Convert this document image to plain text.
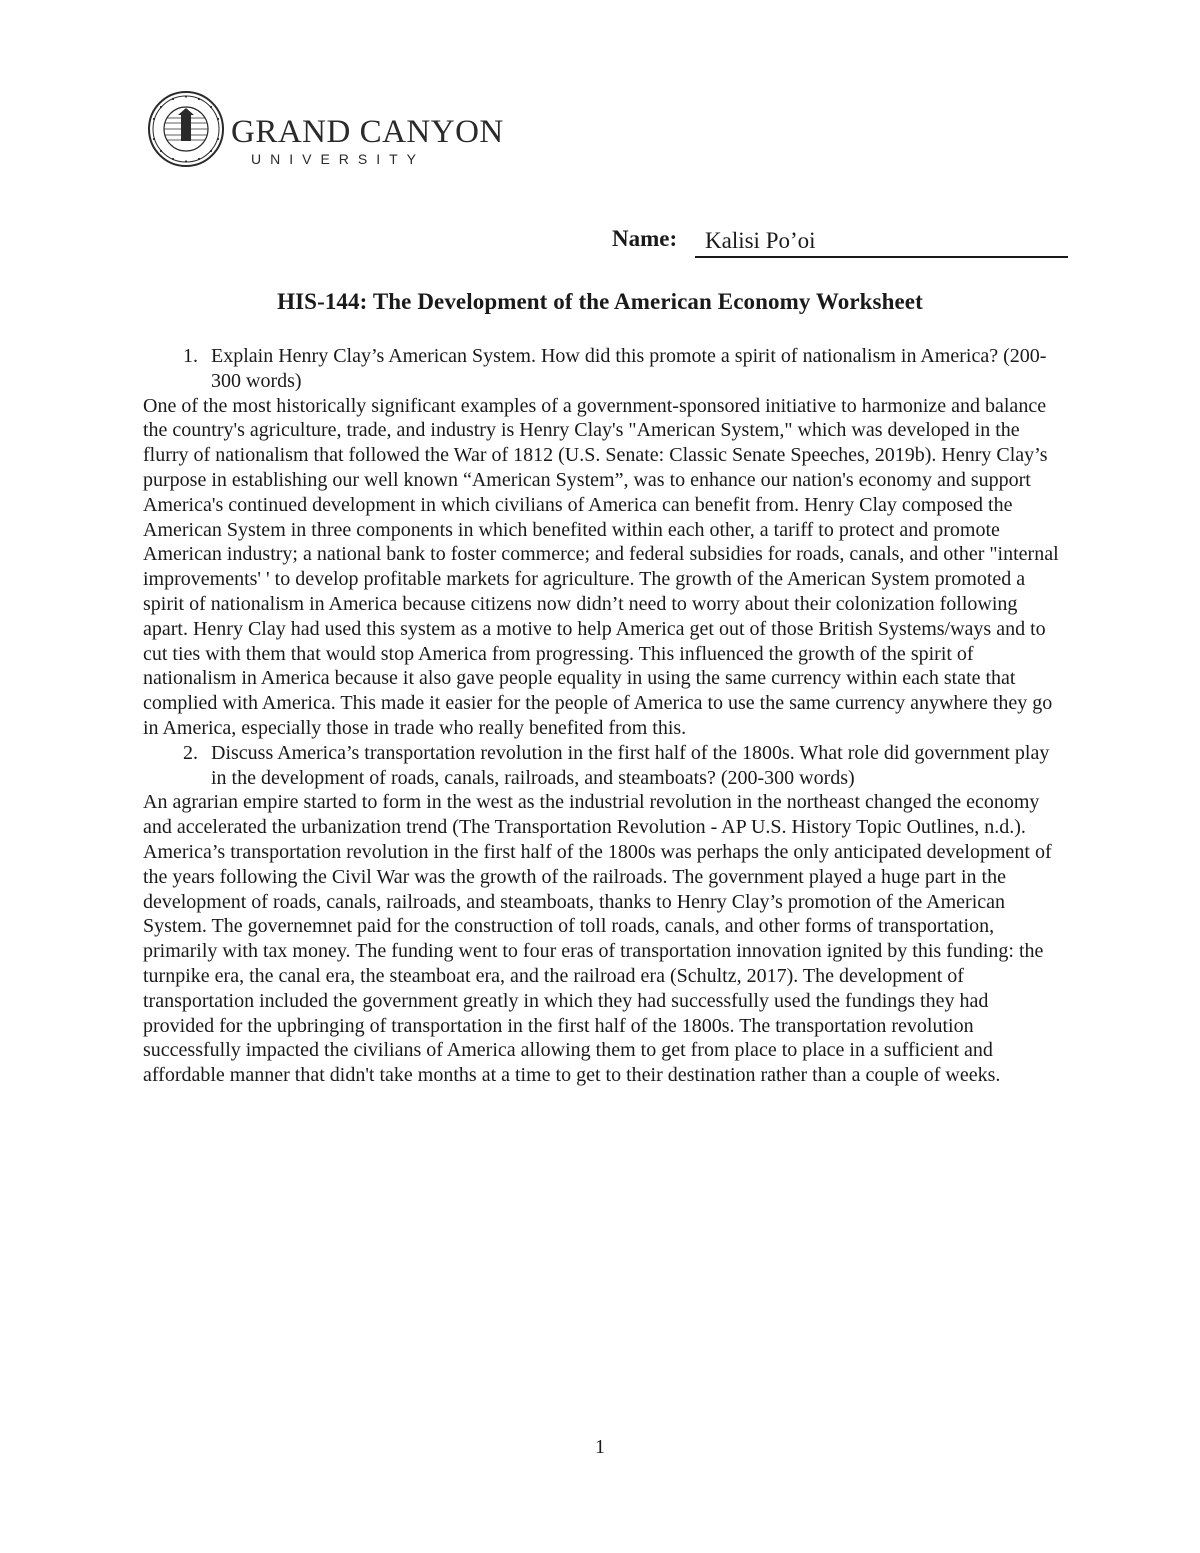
GRAND CANYON
UNIVERSITY
Name:	Kalisi Po’oi
HIS-144: The Development of the American Economy Worksheet

1. Explain Henry Clay’s American System. How did this promote a spirit of nationalism in America? (200-300 words)

One of the most historically significant examples of a government-sponsored initiative to harmonize and balance the country's agriculture, trade, and industry is Henry Clay's "American System," which was developed in the flurry of nationalism that followed the War of 1812 (U.S. Senate: Classic Senate Speeches, 2019b). Henry Clay’s purpose in establishing our well known “American System”, was to enhance our nation's economy and support America's continued development in which civilians of America can benefit from. Henry Clay composed the American System in three components in which benefited within each other, a tariff to protect and promote American industry; a national bank to foster commerce; and federal subsidies for roads, canals, and other "internal improvements' ' to develop profitable markets for agriculture. The growth of the American System promoted a spirit of nationalism in America because citizens now didn’t need to worry about their colonization following apart. Henry Clay had used this system as a motive to help America get out of those British Systems/ways and to cut ties with them that would stop America from progressing. This influenced the growth of the spirit of nationalism in America because it also gave people equality in using the same currency within each state that complied with America. This made it easier for the people of America to use the same currency anywhere they go in America, especially those in trade who really benefited from this.

2. Discuss America’s transportation revolution in the first half of the 1800s. What role did government play in the development of roads, canals, railroads, and steamboats? (200-300 words)

An agrarian empire started to form in the west as the industrial revolution in the northeast changed the economy and accelerated the urbanization trend (The Transportation Revolution - AP U.S. History Topic Outlines, n.d.). America’s transportation revolution in the first half of the 1800s was perhaps the only anticipated development of the years following the Civil War was the growth of the railroads. The government played a huge part in the development of roads, canals, railroads, and steamboats, thanks to Henry Clay’s promotion of the American System. The governemnet paid for the construction of toll roads, canals, and other forms of transportation, primarily with tax money. The funding went to four eras of transportation innovation ignited by this funding: the turnpike era, the canal era, the steamboat era, and the railroad era (Schultz, 2017). The development of transportation included the government greatly in which they had successfully used the fundings they had provided for the upbringing of transportation in the first half of the 1800s. The transportation revolution successfully impacted the civilians of America allowing them to get from place to place in a sufficient and affordable manner that didn't take months at a time to get to their destination rather than a couple of weeks.

1
